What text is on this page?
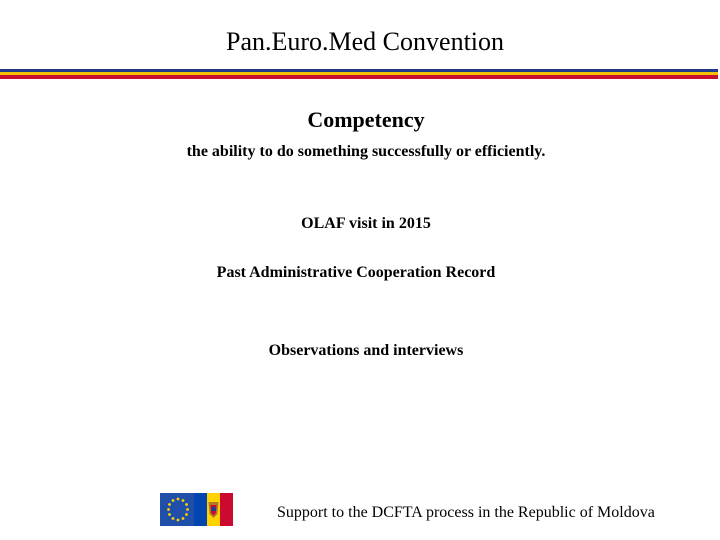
Pan.Euro.Med Convention
Competency
the ability to do something successfully or efficiently.
OLAF visit in 2015
Past Administrative Cooperation Record
Observations and interviews
Support to the DCFTA process in the Republic of Moldova
